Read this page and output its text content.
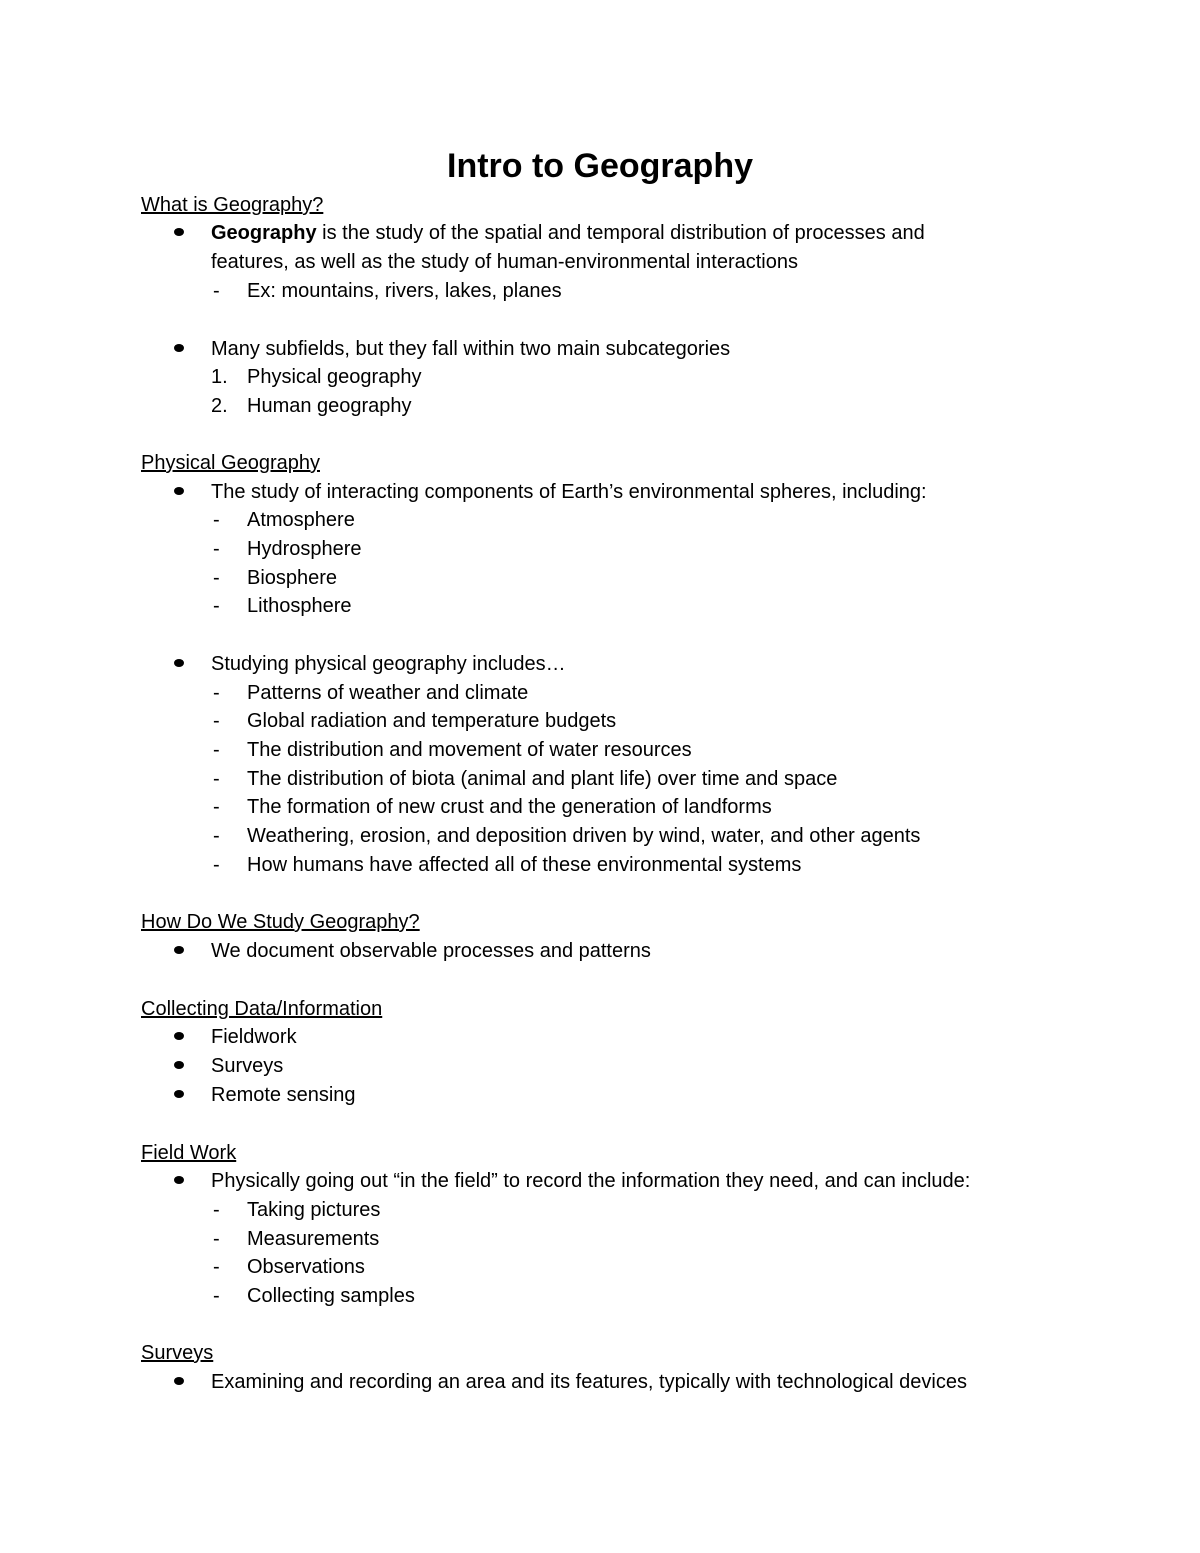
Intro to Geography
What is Geography?
Geography is the study of the spatial and temporal distribution of processes and
features, as well as the study of human-environmental interactions
- Ex: mountains, rivers, lakes, planes
Many subfields, but they fall within two main subcategories
1. Physical geography
2. Human geography
Physical Geography
The study of interacting components of Earth’s environmental spheres, including:
- Atmosphere
- Hydrosphere
- Biosphere
- Lithosphere
Studying physical geography includes…
- Patterns of weather and climate
- Global radiation and temperature budgets
- The distribution and movement of water resources
- The distribution of biota (animal and plant life) over time and space
- The formation of new crust and the generation of landforms
- Weathering, erosion, and deposition driven by wind, water, and other agents
- How humans have affected all of these environmental systems
How Do We Study Geography?
We document observable processes and patterns
Collecting Data/Information
Fieldwork
Surveys
Remote sensing
Field Work
Physically going out “in the field” to record the information they need, and can include:
- Taking pictures
- Measurements
- Observations
- Collecting samples
Surveys
Examining and recording an area and its features, typically with technological devices
